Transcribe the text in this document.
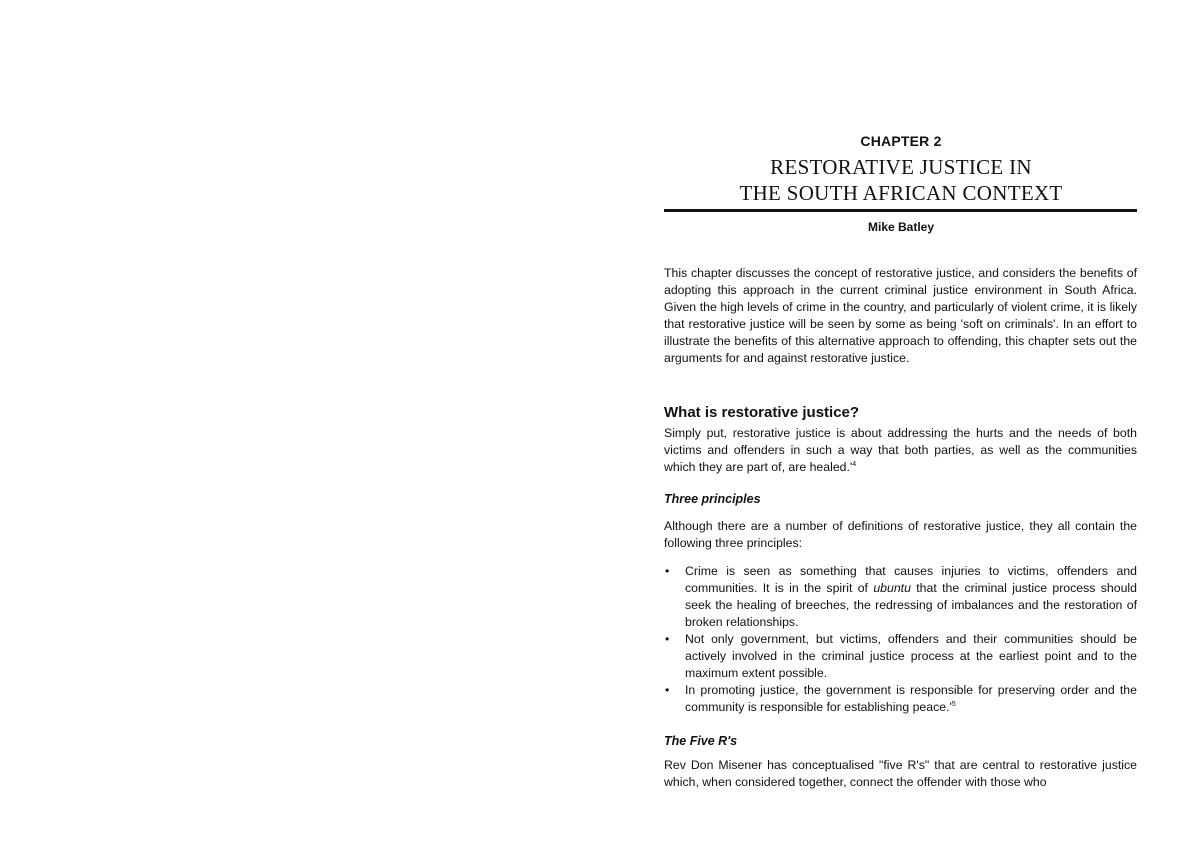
CHAPTER 2
RESTORATIVE JUSTICE IN
THE SOUTH AFRICAN CONTEXT
Mike Batley

This chapter discusses the concept of restorative justice, and considers the benefits of adopting this approach in the current criminal justice environment in South Africa. Given the high levels of crime in the country, and particularly of violent crime, it is likely that restorative justice will be seen by some as being 'soft on criminals'. In an effort to illustrate the benefits of this alternative approach to offending, this chapter sets out the arguments for and against restorative justice.

What is restorative justice?

Simply put, restorative justice is about addressing the hurts and the needs of both victims and offenders in such a way that both parties, as well as the communities which they are part of, are $healed.'^4$

Three principles

Although there are a number of definitions of restorative justice, they all contain the following three principles:

• Crime is seen as something that causes injuries to victims, offenders and communities. It is in the spirit of ubuntu that the criminal justice process should seek the healing of breeches, the redressing of imbalances and the restoration of broken relationships.
• Not only government, but victims, offenders and their communities should be actively involved in the criminal justice process at the earliest point and to the maximum extent possible.
• In promoting justice, the government is responsible for preserving order and the community is responsible for establishing $peace.'^5$
The Five R's

Rev Don Misener has conceptualised "five R's" that are central to restorative justice which, when considered together, connect the offender with those who
